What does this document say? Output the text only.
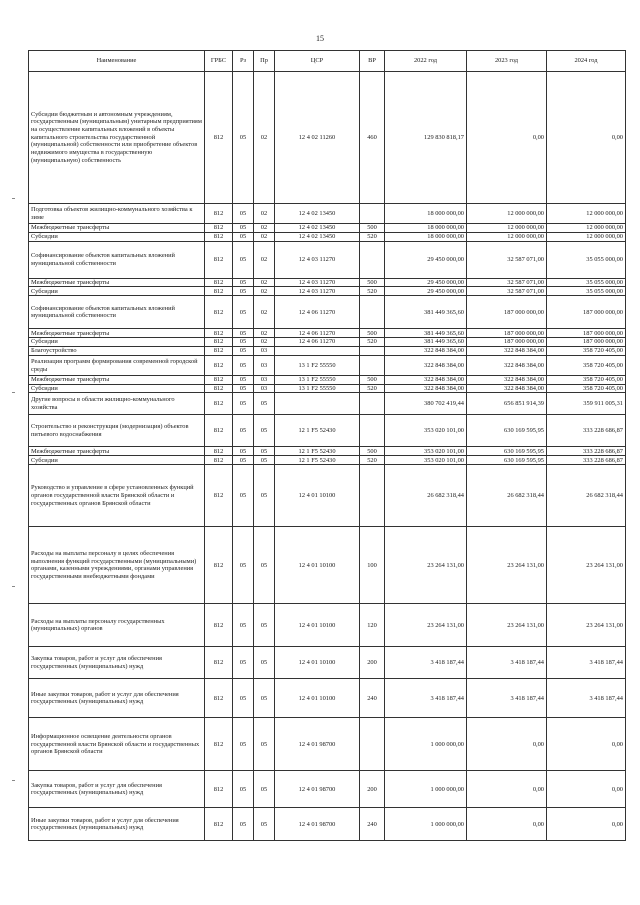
15
Наименование	ГРБС	Рз	Пр	ЦСР	ВР	2022 год	2023 год	2024 год
Субсидии бюджетным и автономным учреждениям, государственным (муниципальным) унитарным предприятиям на осуществление капитальных вложений в объекты капитального строительства государственной (муниципальной) собственности или приобретение объектов недвижимого имущества в государственную (муниципальную) собственность	812	05	02	12 4 02 11260	460	129 830 818,17	0,00	0,00
Подготовка объектов жилищно-коммунального хозяйства к зиме	812	05	02	12 4 02 13450		18 000 000,00	12 000 000,00	12 000 000,00
Межбюджетные трансферты	812	05	02	12 4 02 13450	500	18 000 000,00	12 000 000,00	12 000 000,00
Субсидии	812	05	02	12 4 02 13450	520	18 000 000,00	12 000 000,00	12 000 000,00
Софинансирование объектов капитальных вложений муниципальной собственности	812	05	02	12 4 03 11270		29 450 000,00	32 587 071,00	35 055 000,00
Межбюджетные трансферты	812	05	02	12 4 03 11270	500	29 450 000,00	32 587 071,00	35 055 000,00
Субсидии	812	05	02	12 4 03 11270	520	29 450 000,00	32 587 071,00	35 055 000,00
Софинансирование объектов капитальных вложений муниципальной собственности	812	05	02	12 4 06 11270		381 449 365,60	187 000 000,00	187 000 000,00
Межбюджетные трансферты	812	05	02	12 4 06 11270	500	381 449 365,60	187 000 000,00	187 000 000,00
Субсидии	812	05	02	12 4 06 11270	520	381 449 365,60	187 000 000,00	187 000 000,00
Благоустройство	812	05	03			322 848 384,00	322 848 384,00	358 720 405,00
Реализация программ формирования современной городской среды	812	05	03	13 1 F2 55550		322 848 384,00	322 848 384,00	358 720 405,00
Межбюджетные трансферты	812	05	03	13 1 F2 55550	500	322 848 384,00	322 848 384,00	358 720 405,00
Субсидии	812	05	03	13 1 F2 55550	520	322 848 384,00	322 848 384,00	358 720 405,00
Другие вопросы в области жилищно-коммунального хозяйства	812	05	05			380 702 419,44	656 851 914,39	359 911 005,31
Строительство и реконструкция (модернизация) объектов питьевого водоснабжения	812	05	05	12 1 F5 52430		353 020 101,00	630 169 595,95	333 228 686,87
Межбюджетные трансферты	812	05	05	12 1 F5 52430	500	353 020 101,00	630 169 595,95	333 228 686,87
Субсидии	812	05	05	12 1 F5 52430	520	353 020 101,00	630 169 595,95	333 228 686,87
Руководство и управление в сфере установленных функций органов государственной власти Брянской области и государственных органов Брянской области	812	05	05	12 4 01 10100		26 682 318,44	26 682 318,44	26 682 318,44
Расходы на выплаты персоналу в целях обеспечения выполнения функций государственными (муниципальными) органами, казенными учреждениями, органами управления государственными внебюджетными фондами	812	05	05	12 4 01 10100	100	23 264 131,00	23 264 131,00	23 264 131,00
Расходы на выплаты персоналу государственных (муниципальных) органов	812	05	05	12 4 01 10100	120	23 264 131,00	23 264 131,00	23 264 131,00
Закупка товаров, работ и услуг для обеспечения государственных (муниципальных) нужд	812	05	05	12 4 01 10100	200	3 418 187,44	3 418 187,44	3 418 187,44
Иные закупки товаров, работ и услуг для обеспечения государственных (муниципальных) нужд	812	05	05	12 4 01 10100	240	3 418 187,44	3 418 187,44	3 418 187,44
Информационное освещение деятельности органов государственной власти Брянской области и государственных органов Брянской области	812	05	05	12 4 01 98700		1 000 000,00	0,00	0,00
Закупка товаров, работ и услуг для обеспечения государственных (муниципальных) нужд	812	05	05	12 4 01 98700	200	1 000 000,00	0,00	0,00
Иные закупки товаров, работ и услуг для обеспечения государственных (муниципальных) нужд	812	05	05	12 4 01 98700	240	1 000 000,00	0,00	0,00
